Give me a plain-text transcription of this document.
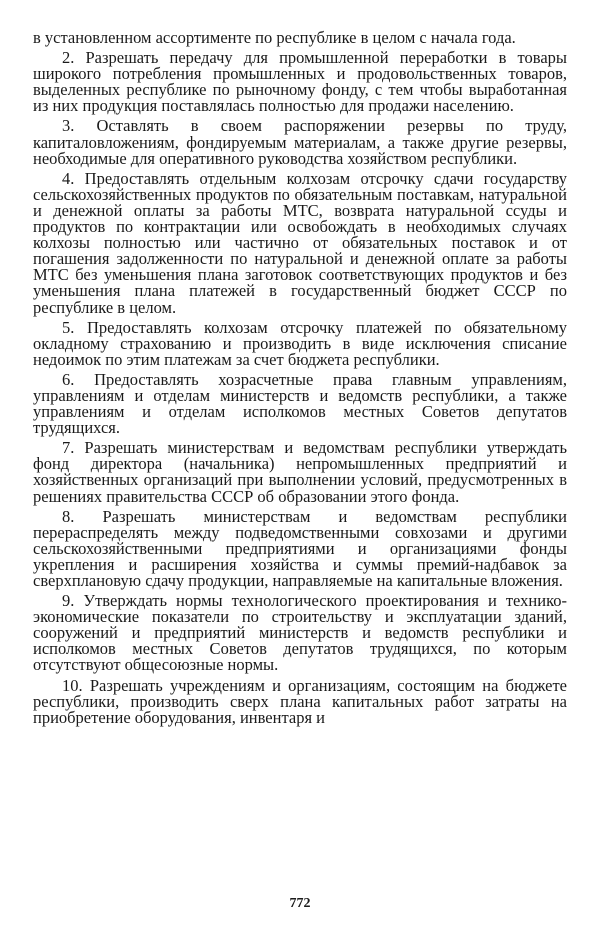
в установленном ассортименте по республике в целом с начала года.

2. Разрешать передачу для промышленной переработки в товары широкого потребления промышленных и продовольственных товаров, выделенных республике по рыночному фонду, с тем чтобы выработанная из них продукция поставлялась полностью для продажи населению.

3. Оставлять в своем распоряжении резервы по труду, капиталовложениям, фондируемым материалам, а также другие резервы, необходимые для оперативного руководства хозяйством республики.

4. Предоставлять отдельным колхозам отсрочку сдачи государству сельскохозяйственных продуктов по обязательным поставкам, натуральной и денежной оплаты за работы МТС, возврата натуральной ссуды и продуктов по контрактации или освобождать в необходимых случаях колхозы полностью или частично от обязательных поставок и от погашения задолженности по натуральной и денежной оплате за работы МТС без уменьшения плана заготовок соответствующих продуктов и без уменьшения плана платежей в государственный бюджет СССР по республике в целом.

5. Предоставлять колхозам отсрочку платежей по обязательному окладному страхованию и производить в виде исключения списание недоимок по этим платежам за счет бюджета республики.

6. Предоставлять хозрасчетные права главным управлениям, управлениям и отделам министерств и ведомств республики, а также управлениям и отделам исполкомов местных Советов депутатов трудящихся.

7. Разрешать министерствам и ведомствам республики утверждать фонд директора (начальника) непромышленных предприятий и хозяйственных организаций при выполнении условий, предусмотренных в решениях правительства СССР об образовании этого фонда.

8. Разрешать министерствам и ведомствам республики перераспределять между подведомственными совхозами и другими сельскохозяйственными предприятиями и организациями фонды укрепления и расширения хозяйства и суммы премий-надбавок за сверхплановую сдачу продукции, направляемые на капитальные вложения.

9. Утверждать нормы технологического проектирования и технико-экономические показатели по строительству и эксплуатации зданий, сооружений и предприятий министерств и ведомств республики и исполкомов местных Советов депутатов трудящихся, по которым отсутствуют общесоюзные нормы.

10. Разрешать учреждениям и организациям, состоящим на бюджете республики, производить сверх плана капитальных работ затраты на приобретение оборудования, инвентаря и

772
